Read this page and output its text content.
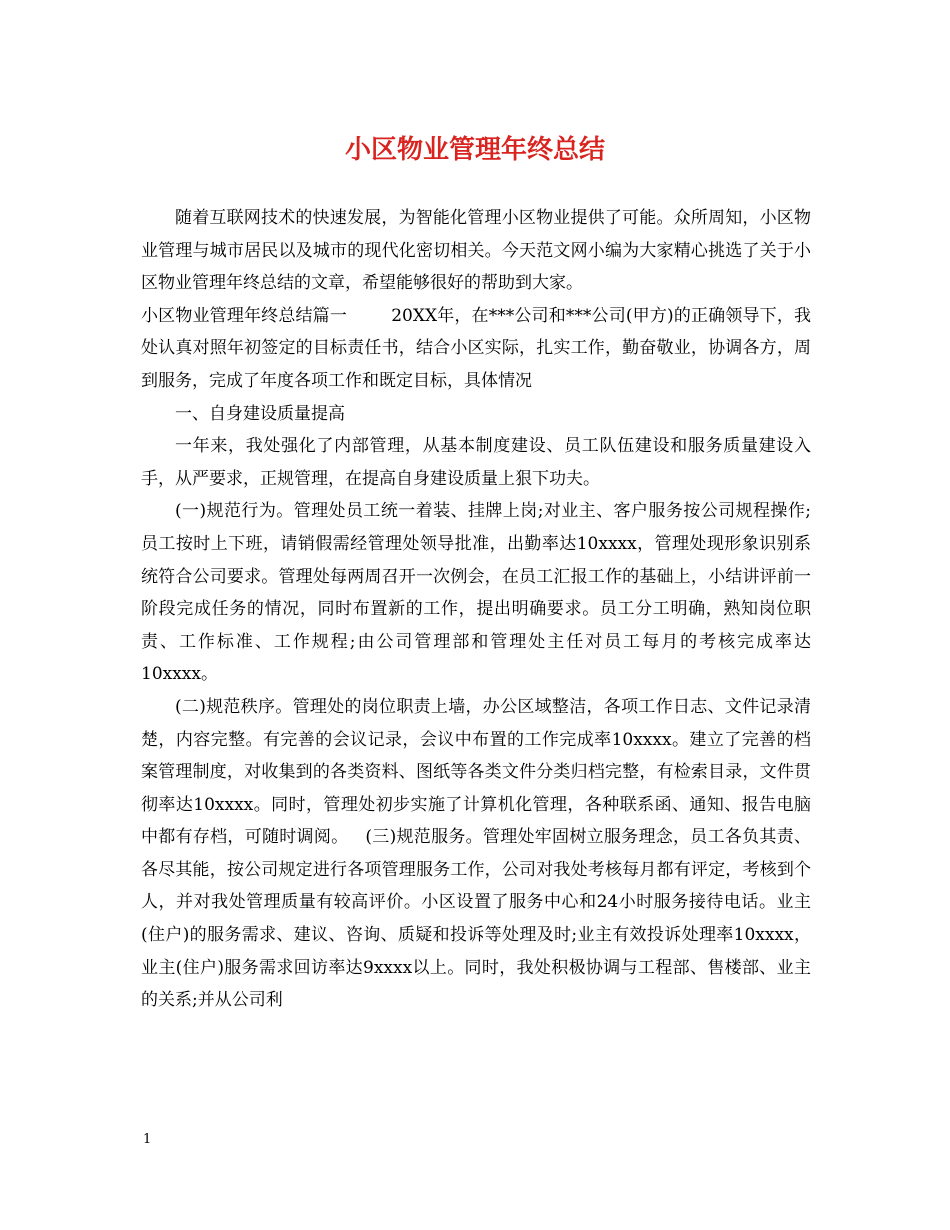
小区物业管理年终总结

随着互联网技术的快速发展，为智能化管理小区物业提供了可能。众所周知，小区物业管理与城市居民以及城市的现代化密切相关。今天范文网小编为大家精心挑选了关于小区物业管理年终总结的文章，希望能够很好的帮助到大家。

小区物业管理年终总结篇一	20XX年，在***公司和***公司(甲方)的正确领导下，我处认真对照年初签定的目标责任书，结合小区实际，扎实工作，勤奋敬业，协调各方，周到服务，完成了年度各项工作和既定目标，具体情况

一、自身建设质量提高

一年来，我处强化了内部管理，从基本制度建设、员工队伍建设和服务质量建设入手，从严要求，正规管理，在提高自身建设质量上狠下功夫。

(一)规范行为。管理处员工统一着装、挂牌上岗;对业主、客户服务按公司规程操作;员工按时上下班，请销假需经管理处领导批准，出勤率达10xxxx，管理处现形象识别系统符合公司要求。管理处每两周召开一次例会，在员工汇报工作的基础上，小结讲评前一阶段完成任务的情况，同时布置新的工作，提出明确要求。员工分工明确，熟知岗位职责、工作标准、工作规程;由公司管理部和管理处主任对员工每月的考核完成率达10xxxx。

(二)规范秩序。管理处的岗位职责上墙，办公区域整洁，各项工作日志、文件记录清楚，内容完整。有完善的会议记录，会议中布置的工作完成率10xxxx。建立了完善的档案管理制度，对收集到的各类资料、图纸等各类文件分类归档完整，有检索目录，文件贯彻率达10xxxx。同时，管理处初步实施了计算机化管理，各种联系函、通知、报告电脑中都有存档，可随时调阅。 (三)规范服务。管理处牢固树立服务理念，员工各负其责、各尽其能，按公司规定进行各项管理服务工作，公司对我处考核每月都有评定，考核到个人，并对我处管理质量有较高评价。小区设置了服务中心和24小时服务接待电话。业主(住户)的服务需求、建议、咨询、质疑和投诉等处理及时;业主有效投诉处理率10xxxx，业主(住户)服务需求回访率达9xxxx以上。同时，我处积极协调与工程部、售楼部、业主的关系;并从公司利

1
